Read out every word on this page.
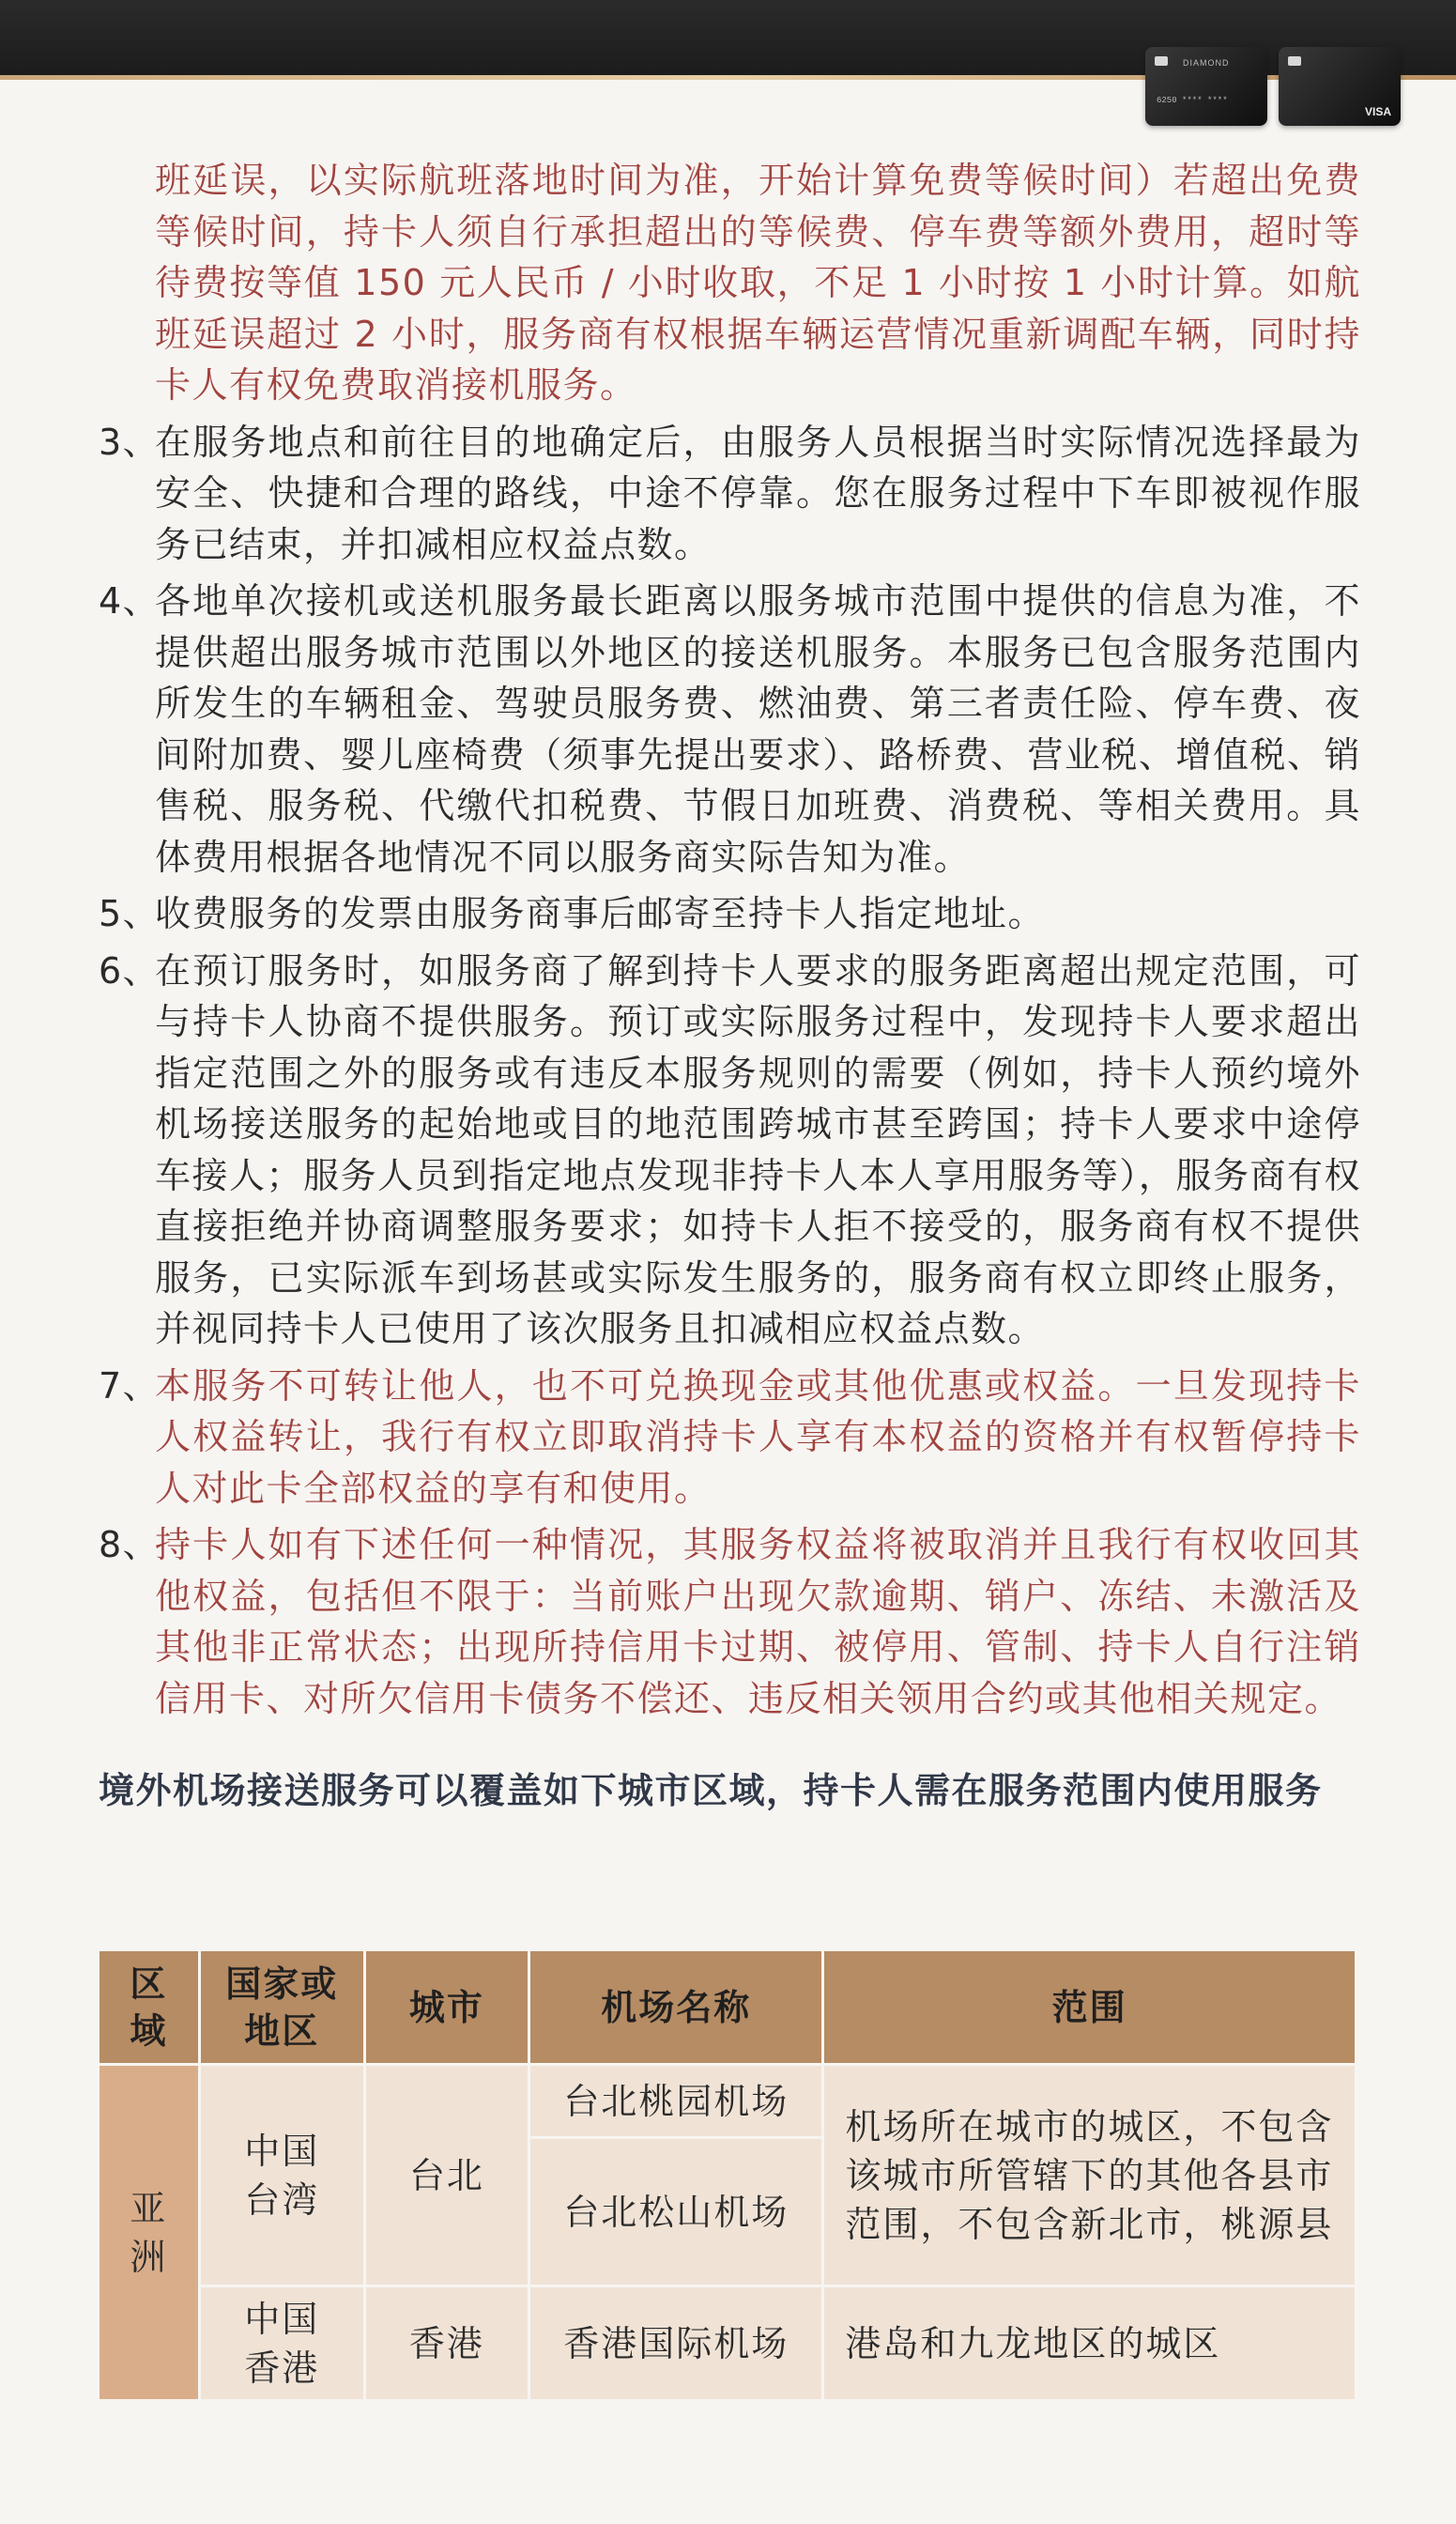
DIAMOND
6250 **** ****
VISA
班延误，以实际航班落地时间为准，开始计算免费等候时间）若超出免费等候时间，持卡人须自行承担超出的等候费、停车费等额外费用，超时等待费按等值 150 元人民币 / 小时收取，不足 1 小时按 1 小时计算。如航班延误超过 2 小时，服务商有权根据车辆运营情况重新调配车辆，同时持卡人有权免费取消接机服务。
3、
在服务地点和前往目的地确定后，由服务人员根据当时实际情况选择最为安全、快捷和合理的路线，中途不停靠。您在服务过程中下车即被视作服务已结束，并扣减相应权益点数。
4、
各地单次接机或送机服务最长距离以服务城市范围中提供的信息为准，不提供超出服务城市范围以外地区的接送机服务。本服务已包含服务范围内所发生的车辆租金、驾驶员服务费、燃油费、第三者责任险、停车费、夜间附加费、婴儿座椅费（须事先提出要求）、路桥费、营业税、增值税、销售税、服务税、代缴代扣税费、节假日加班费、消费税、等相关费用。具体费用根据各地情况不同以服务商实际告知为准。
5、
收费服务的发票由服务商事后邮寄至持卡人指定地址。
6、
在预订服务时，如服务商了解到持卡人要求的服务距离超出规定范围，可与持卡人协商不提供服务。预订或实际服务过程中，发现持卡人要求超出指定范围之外的服务或有违反本服务规则的需要（例如，持卡人预约境外机场接送服务的起始地或目的地范围跨城市甚至跨国；持卡人要求中途停车接人；服务人员到指定地点发现非持卡人本人享用服务等），服务商有权直接拒绝并协商调整服务要求；如持卡人拒不接受的，服务商有权不提供服务，已实际派车到场甚或实际发生服务的，服务商有权立即终止服务，并视同持卡人已使用了该次服务且扣减相应权益点数。
7、
本服务不可转让他人，也不可兑换现金或其他优惠或权益。一旦发现持卡人权益转让，我行有权立即取消持卡人享有本权益的资格并有权暂停持卡人对此卡全部权益的享有和使用。
8、
持卡人如有下述任何一种情况，其服务权益将被取消并且我行有权收回其他权益，包括但不限于：当前账户出现欠款逾期、销户、冻结、未激活及其他非正常状态；出现所持信用卡过期、被停用、管制、持卡人自行注销信用卡、对所欠信用卡债务不偿还、违反相关领用合约或其他相关规定。
境外机场接送服务可以覆盖如下城市区域，持卡人需在服务范围内使用服务
区域	国家或地区	城市	机场名称	范围

亚洲	中国台湾	台北	台北桃园机场	机场所在城市的城区，不包含该城市所管辖下的其他各县市范围，不包含新北市，桃源县
			台北松山机场	

	中国香港	香港	香港国际机场	港岛和九龙地区的城区
